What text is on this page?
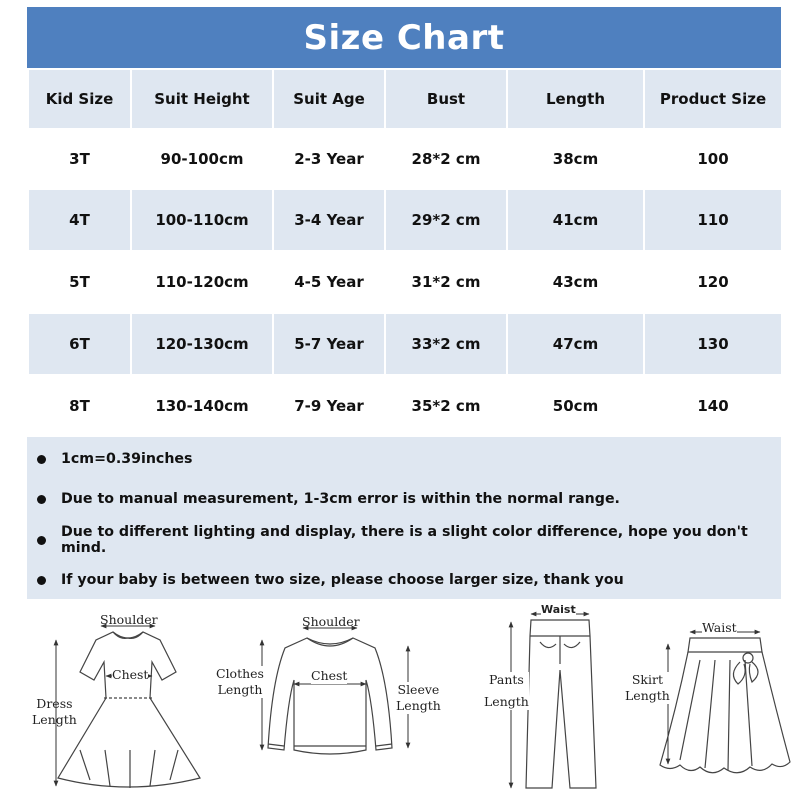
Size Chart
Kid Size	Suit Height	Suit Age	Bust	Length	Product Size
3T	90-100cm	2-3 Year	28*2 cm	38cm	100
4T	100-110cm	3-4 Year	29*2 cm	41cm	110
5T	110-120cm	4-5 Year	31*2 cm	43cm	120
6T	120-130cm	5-7 Year	33*2 cm	47cm	130
8T	130-140cm	7-9 Year	35*2 cm	50cm	140
1cm=0.39inches
Due to manual measurement, 1-3cm error is within the normal range.
Due to different lighting and display, there is a slight color difference, hope you don't mind.
If your baby is between two size, please choose larger size, thank you
Shoulder
Chest
Dress
Length
Shoulder
Chest
Clothes
Length	Sleeve
Length
Waist
Pants
Length
Waist
Skirt
Length
